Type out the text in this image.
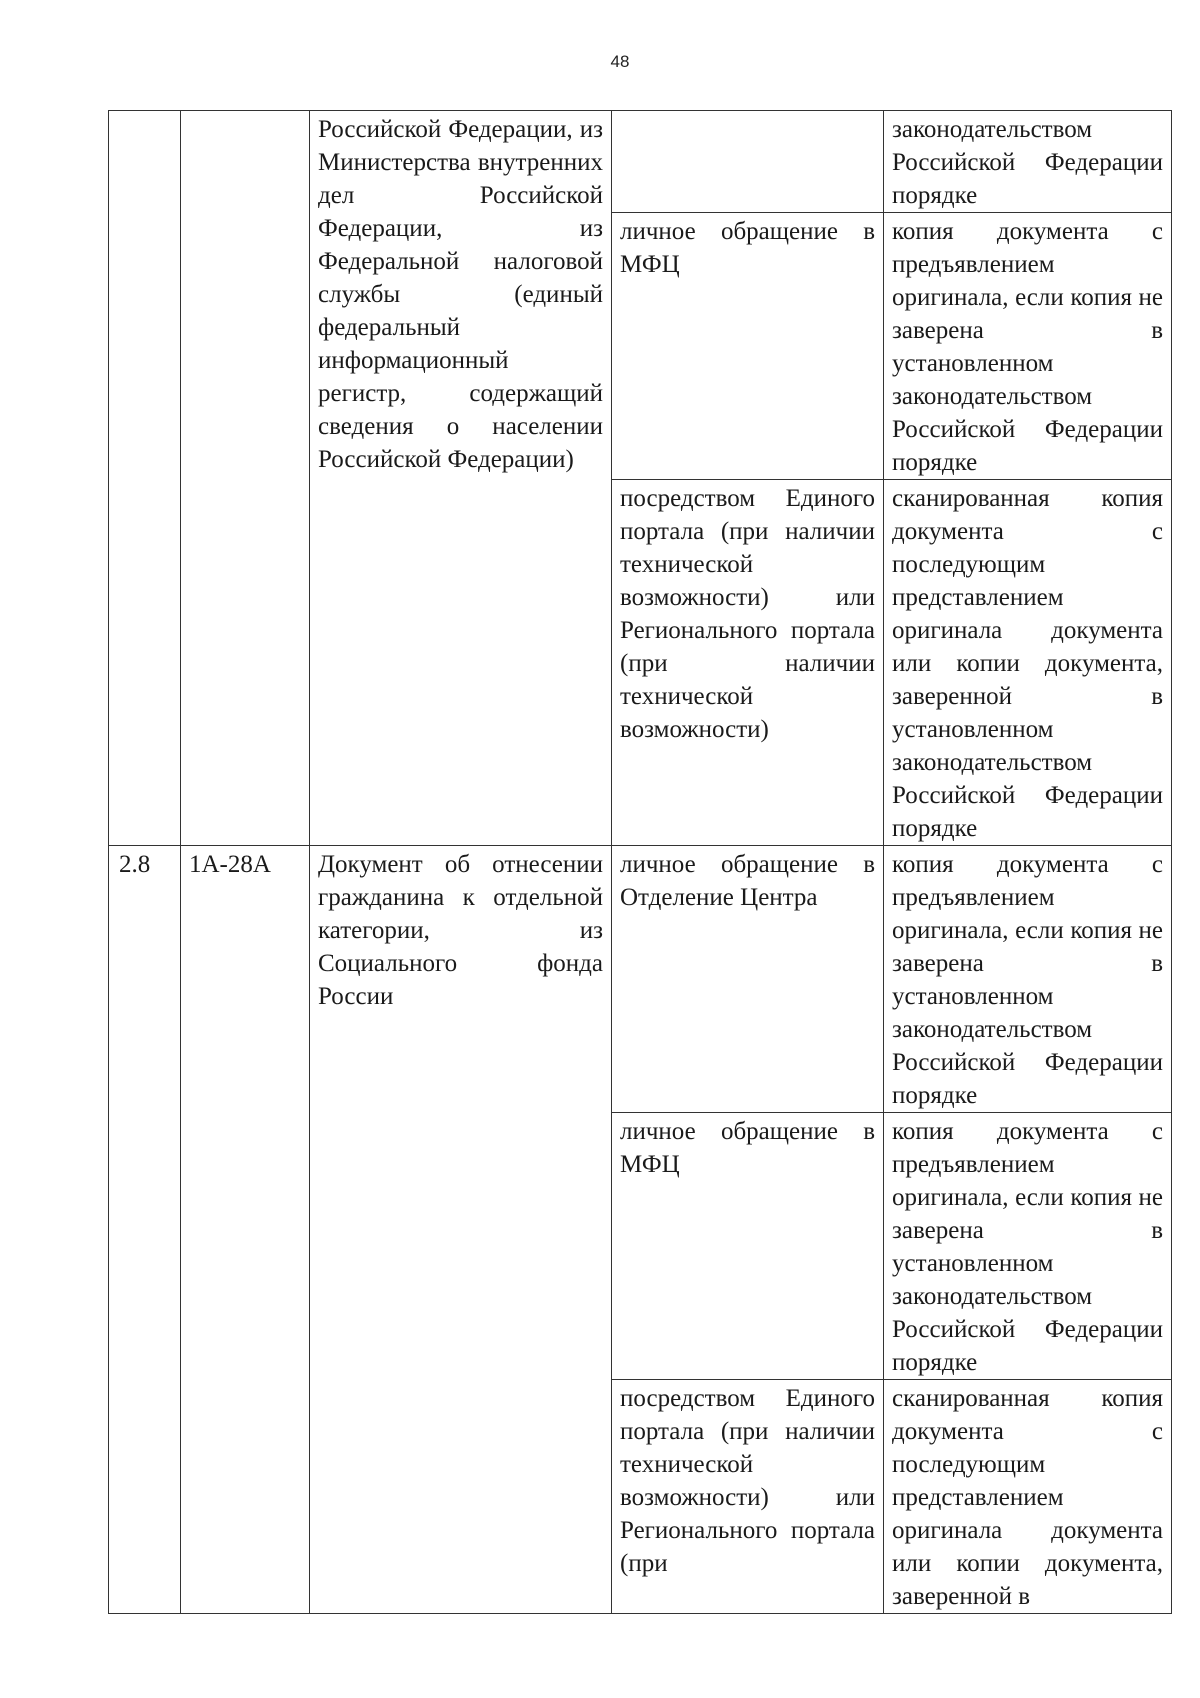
48
		Российской Федерации, из Министерства внутренних дел Российской Федерации, из Федеральной налоговой службы (единый федеральный информационный регистр, содержащий сведения о населении Российской Федерации)		законодательством Российской Федерации порядке
			личное обращение в МФЦ	копия документа с предъявлением оригинала, если копия не заверена в установленном законодательством Российской Федерации порядке
			посредством Единого портала (при наличии технической возможности) или Регионального портала (при наличии технической возможности)	сканированная копия документа с последующим представлением оригинала документа или копии документа, заверенной в установленном законодательством Российской Федерации порядке
2.8	1А-28А	Документ об отнесении гражданина к отдельной категории, из Социального фонда России	личное обращение в Отделение Центра	копия документа с предъявлением оригинала, если копия не заверена в установленном законодательством Российской Федерации порядке
			личное обращение в МФЦ	копия документа с предъявлением оригинала, если копия не заверена в установленном законодательством Российской Федерации порядке
			посредством Единого портала (при наличии технической возможности) или Регионального портала (при	сканированная копия документа с последующим представлением оригинала документа или копии документа, заверенной в
